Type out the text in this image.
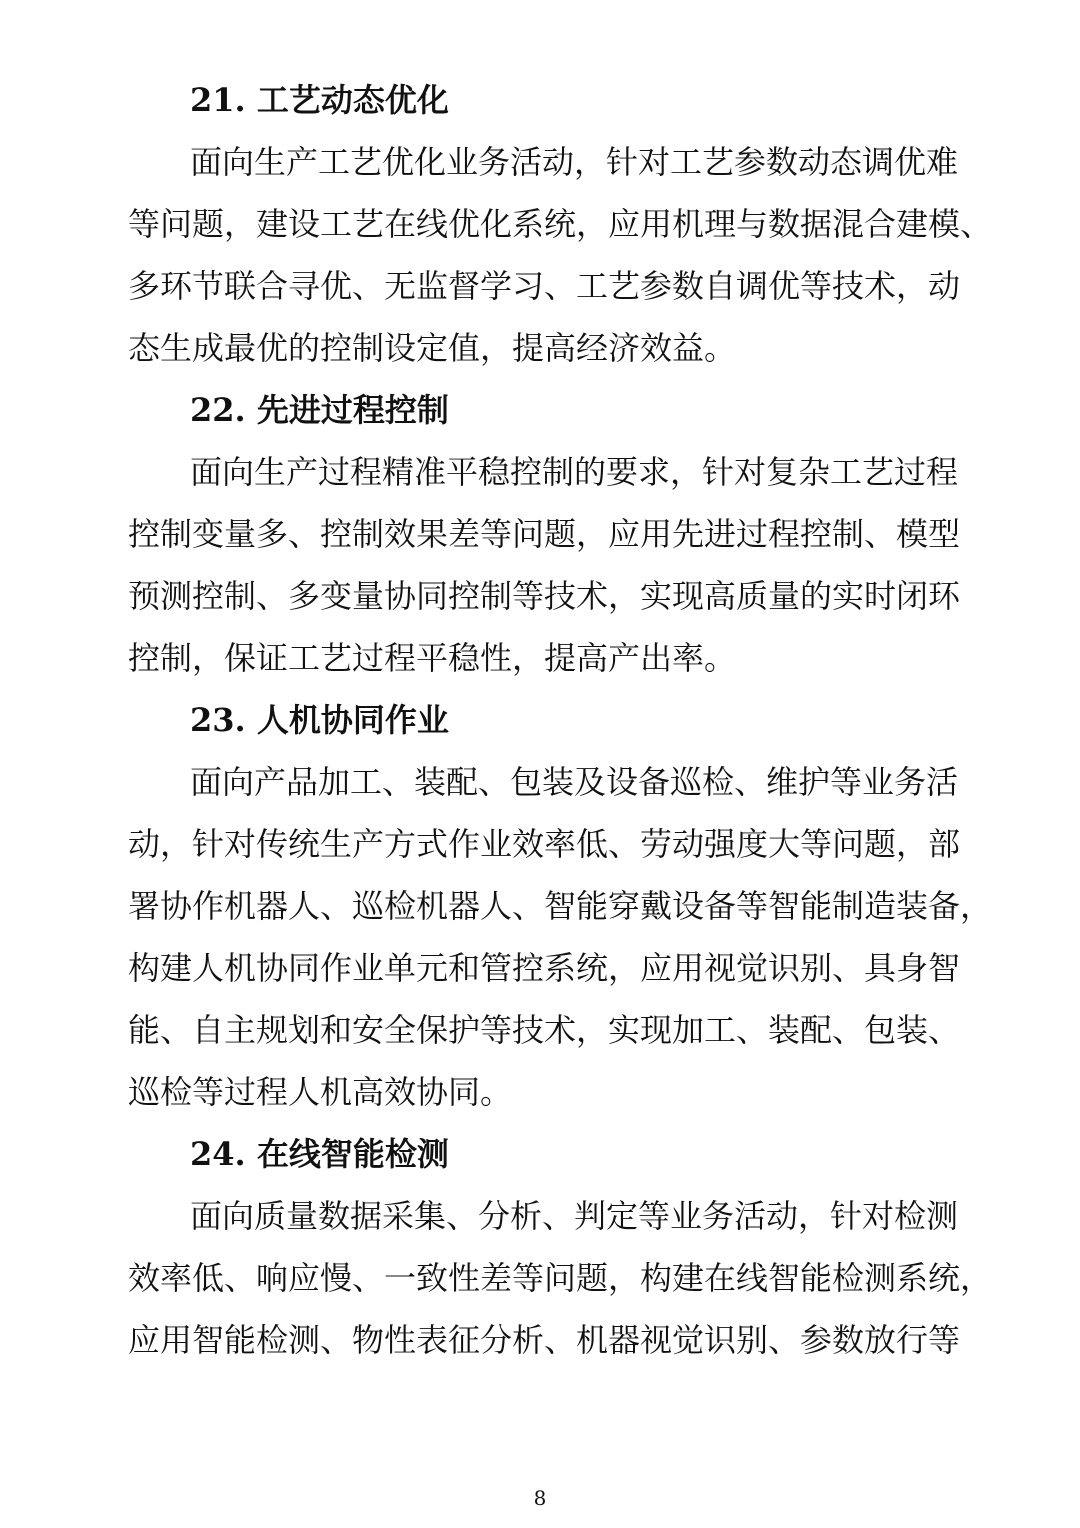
21. 工艺动态优化
面向生产工艺优化业务活动，针对工艺参数动态调优难
等问题，建设工艺在线优化系统，应用机理与数据混合建模、
多环节联合寻优、无监督学习、工艺参数自调优等技术，动
态生成最优的控制设定值，提高经济效益。
22. 先进过程控制
面向生产过程精准平稳控制的要求，针对复杂工艺过程
控制变量多、控制效果差等问题，应用先进过程控制、模型
预测控制、多变量协同控制等技术，实现高质量的实时闭环
控制，保证工艺过程平稳性，提高产出率。
23. 人机协同作业
面向产品加工、装配、包装及设备巡检、维护等业务活
动，针对传统生产方式作业效率低、劳动强度大等问题，部
署协作机器人、巡检机器人、智能穿戴设备等智能制造装备，
构建人机协同作业单元和管控系统，应用视觉识别、具身智
能、自主规划和安全保护等技术，实现加工、装配、包装、
巡检等过程人机高效协同。
24. 在线智能检测
面向质量数据采集、分析、判定等业务活动，针对检测
效率低、响应慢、一致性差等问题，构建在线智能检测系统，
应用智能检测、物性表征分析、机器视觉识别、参数放行等
8
